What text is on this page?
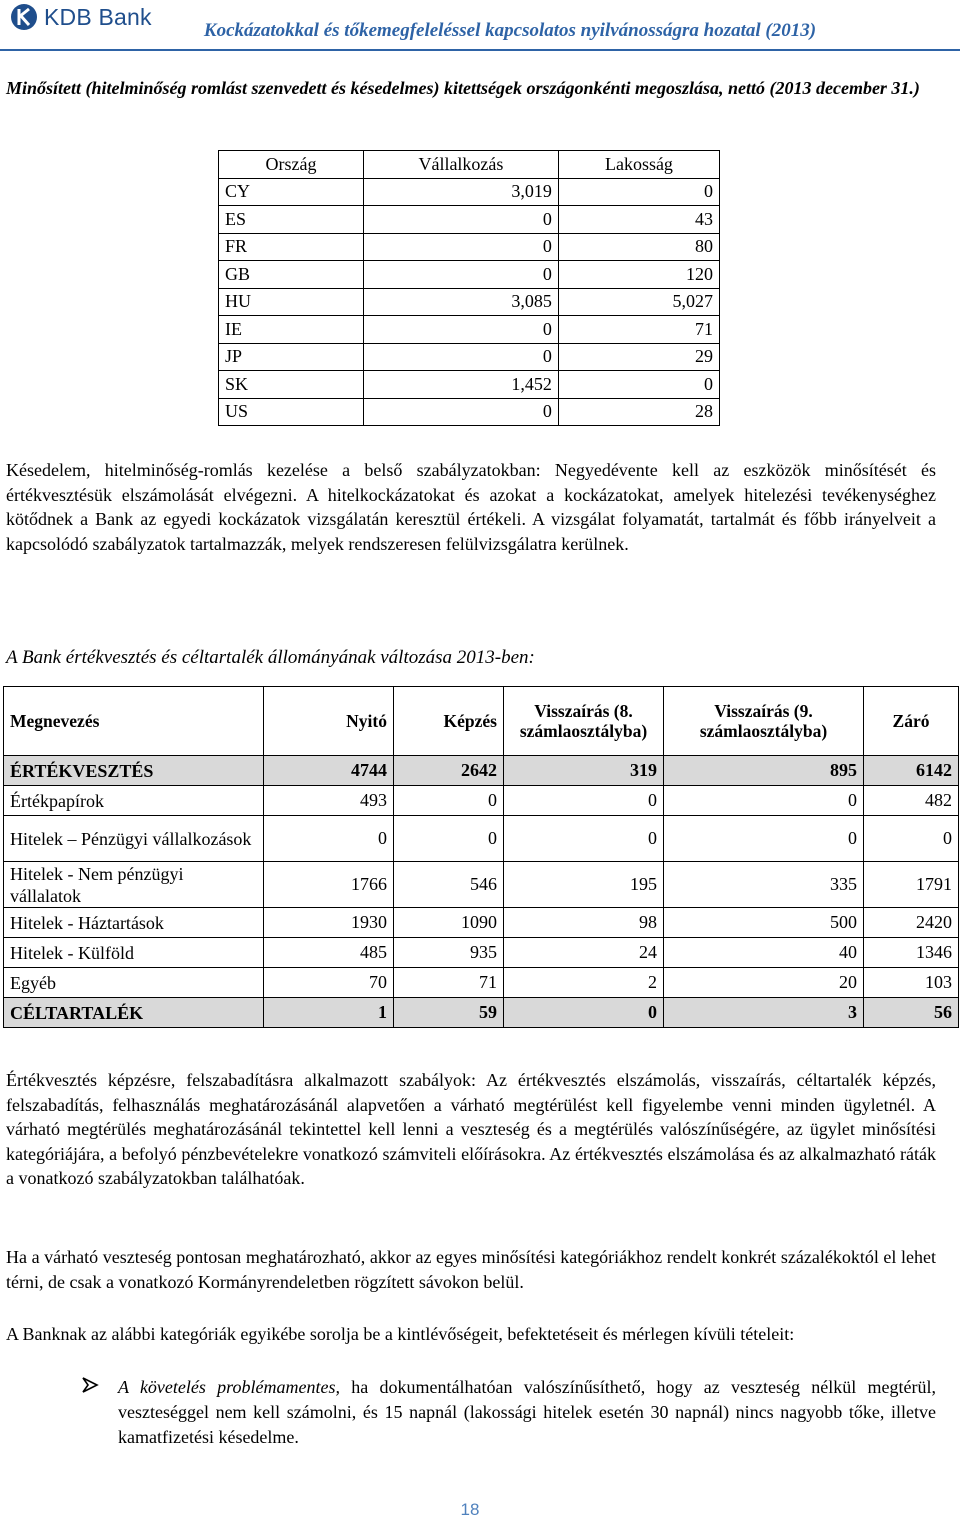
KDB Bank
Kockázatokkal és tőkemegfeleléssel kapcsolatos nyilvánosságra hozatal (2013)
Minősített (hitelminőség romlást szenvedett és késedelmes) kitettségek országonkénti megoszlása, nettó (2013 december 31.)
Ország	Vállalkozás	Lakosság
CY	3,019	0
ES	0	43
FR	0	80
GB	0	120
HU	3,085	5,027
IE	0	71
JP	0	29
SK	1,452	0
US	0	28
Késedelem, hitelminőség-romlás kezelése a belső szabályzatokban: Negyedévente kell az eszközök minősítését és értékvesztésük elszámolását elvégezni. A hitelkockázatokat és azokat a kockázatokat, amelyek hitelezési tevékenységhez kötődnek a Bank az egyedi kockázatok vizsgálatán keresztül értékeli. A vizsgálat folyamatát, tartalmát és főbb irányelveit a kapcsolódó szabályzatok tartalmazzák, melyek rendszeresen felülvizsgálatra kerülnek.
A Bank értékvesztés és céltartalék állományának változása 2013-ben:
Megnevezés	Nyitó	Képzés	Visszaírás (8. számlaosztályba)	Visszaírás (9. számlaosztályba)	Záró
ÉRTÉKVESZTÉS	4744	2642	319	895	6142
Értékpapírok	493	0	0	0	482
Hitelek – Pénzügyi vállalkozások	0	0	0	0	0
Hitelek - Nem pénzügyi vállalatok	1766	546	195	335	1791
Hitelek - Háztartások	1930	1090	98	500	2420
Hitelek - Külföld	485	935	24	40	1346
Egyéb	70	71	2	20	103
CÉLTARTALÉK	1	59	0	3	56
Értékvesztés képzésre, felszabadításra alkalmazott szabályok: Az értékvesztés elszámolás, visszaírás, céltartalék képzés, felszabadítás, felhasználás meghatározásánál alapvetően a várható megtérülést kell figyelembe venni minden ügyletnél. A várható megtérülés meghatározásánál tekintettel kell lenni a veszteség és a megtérülés valószínűségére, az ügylet minősítési kategóriájára, a befolyó pénzbevételekre vonatkozó számviteli előírásokra. Az értékvesztés elszámolása és az alkalmazható ráták a vonatkozó szabályzatokban találhatóak.
Ha a várható veszteség pontosan meghatározható, akkor az egyes minősítési kategóriákhoz rendelt konkrét százalékoktól el lehet térni, de csak a vonatkozó Kormányrendeletben rögzített sávokon belül.
A Banknak az alábbi kategóriák egyikébe sorolja be a kintlévőségeit, befektetéseit és mérlegen kívüli tételeit:
A követelés problémamentes, ha dokumentálhatóan valószínűsíthető, hogy az veszteség nélkül megtérül, veszteséggel nem kell számolni, és 15 napnál (lakossági hitelek esetén 30 napnál) nincs nagyobb tőke, illetve kamatfizetési késedelme.
18
